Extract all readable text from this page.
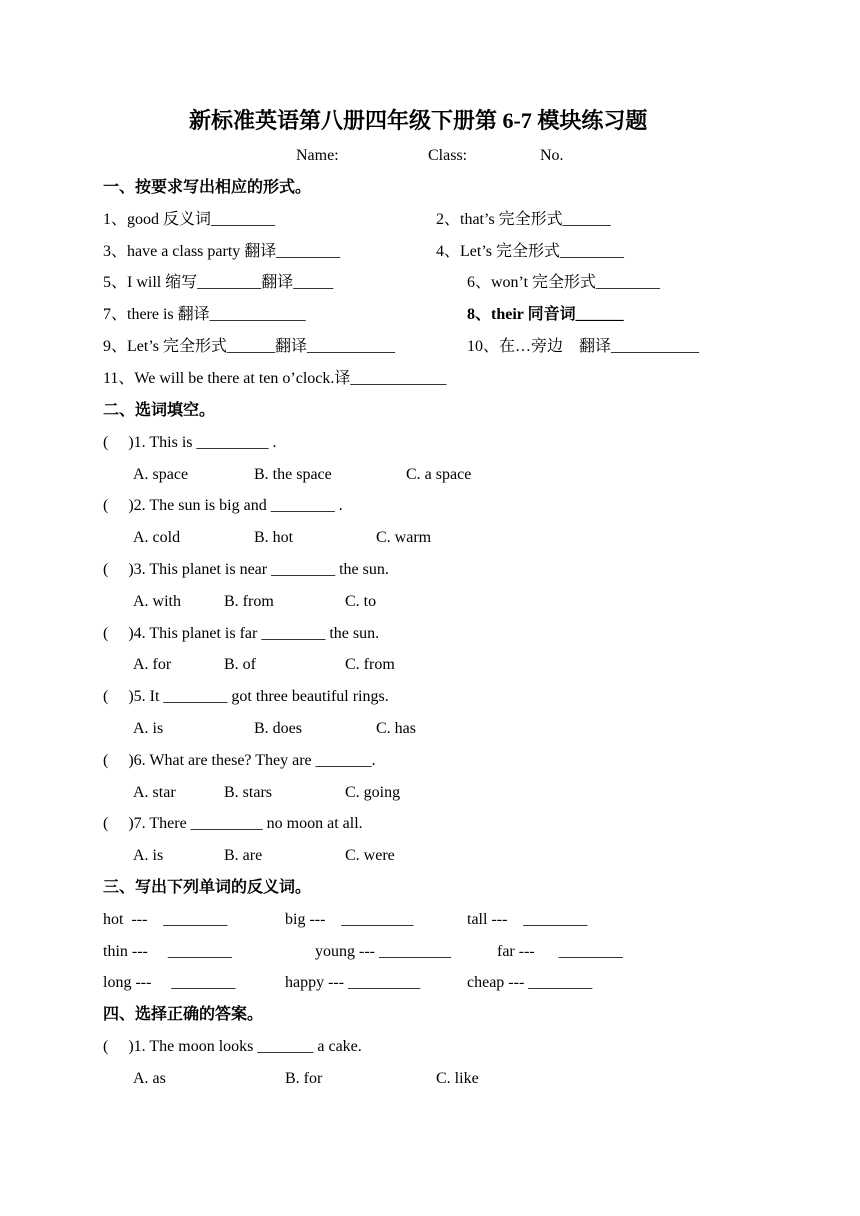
新标准英语第八册四年级下册第 6-7 模块练习题
Name:	Class:	No.
一、按要求写出相应的形式。
1、good 反义词________	2、that’s 完全形式______
3、have a class party 翻译________	4、Let’s 完全形式________
5、I will 缩写________翻译_____	6、won’t 完全形式________
7、there is 翻译____________	8、their 同音词______
9、Let’s 完全形式______翻译___________	10、在…旁边　翻译___________
11、We will be there at ten o’clock.译____________
二、选词填空。
(　 )1. This is _________ .
A. space	B. the space	C. a space
(　 )2. The sun is big and ________ .
A. cold	B. hot	C. warm
(　 )3. This planet is near ________ the sun.
A. with	B. from	C. to
(　 )4. This planet is far ________ the sun.
A. for	B. of	C. from
(　 )5. It ________ got three beautiful rings.
A. is	B. does	C. has
(　 )6. What are these? They are _______.
A. star	B. stars	C. going
(　 )7. There _________ no moon at all.
A. is	B. are	C. were
三、写出下列单词的反义词。
hot  ---    ________	big ---    _________	tall ---    ________
thin ---     ________	young --- _________	far ---      ________
long ---     ________	happy --- _________	cheap --- ________
四、选择正确的答案。
(　 )1. The moon looks _______ a cake.
A. as	B. for	C. like
